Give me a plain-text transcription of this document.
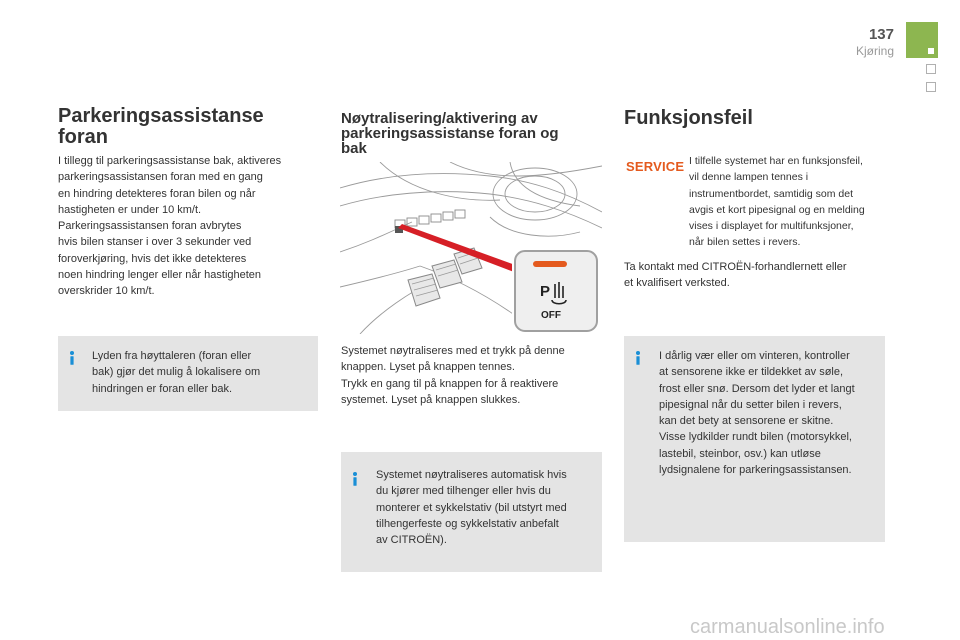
137
Kjøring
Parkeringsassistanse
foran
I tillegg til parkeringsassistanse bak, aktiveres
parkeringsassistansen foran med en gang
en hindring detekteres foran bilen og når
hastigheten er under 10 km/t.
Parkeringsassistansen foran avbrytes
hvis bilen stanser i over 3 sekunder ved
foroverkjøring, hvis det ikke detekteres
noen hindring lenger eller når hastigheten
overskrider 10 km/t.
Lyden fra høyttaleren (foran eller
bak) gjør det mulig å lokalisere om
hindringen er foran eller bak.
Nøytralisering/aktivering av
parkeringsassistanse foran og
bak
P
OFF
Systemet nøytraliseres med et trykk på denne
knappen. Lyset på knappen tennes.
Trykk en gang til på knappen for å reaktivere
systemet. Lyset på knappen slukkes.
Systemet nøytraliseres automatisk hvis
du kjører med tilhenger eller hvis du
monterer et sykkelstativ (bil utstyrt med
tilhengerfeste og sykkelstativ anbefalt
av CITROËN).
Funksjonsfeil
SERVICE I tilfelle systemet har en funksjonsfeil,
vil denne lampen tennes i
instrumentbordet, samtidig som det
avgis et kort pipesignal og en melding
vises i displayet for multifunksjoner,
når bilen settes i revers.
Ta kontakt med CITROËN-forhandlernett eller
et kvalifisert verksted.
I dårlig vær eller om vinteren, kontroller
at sensorene ikke er tildekket av søle,
frost eller snø. Dersom det lyder et langt
pipesignal når du setter bilen i revers,
kan det bety at sensorene er skitne.
Visse lydkilder rundt bilen (motorsykkel,
lastebil, steinbor, osv.) kan utløse
lydsignalene for parkeringsassistansen.
carmanualsonline.info
